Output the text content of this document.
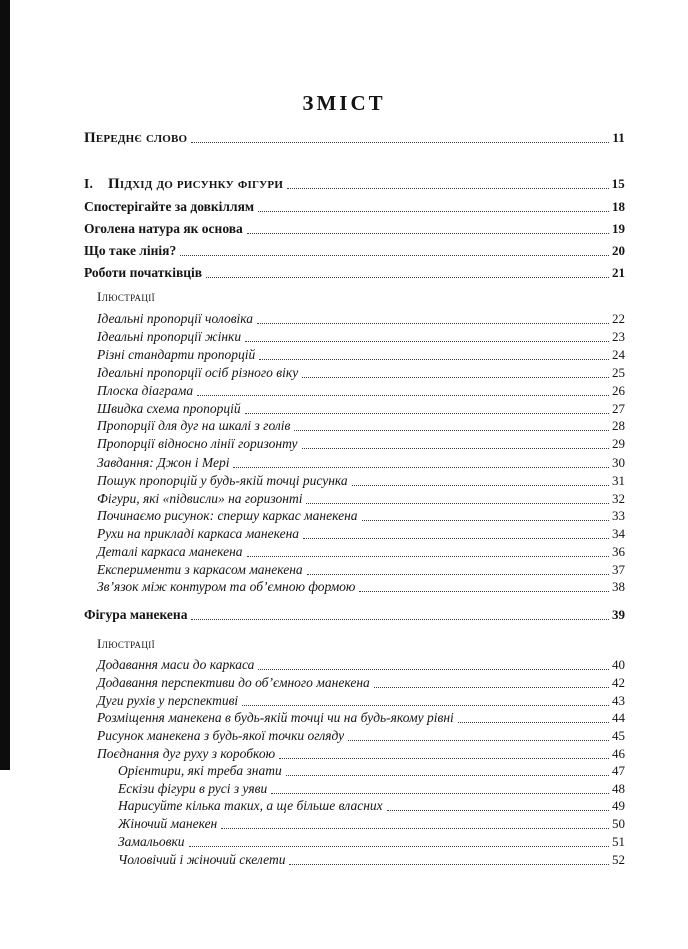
ЗМІСТ
Переднє слово	11
I. Підхід до рисунку фігури	15
Спостерігайте за довкіллям	18
Оголена натура як основа	19
Що таке лінія?	20
Роботи початківців	21
Ілюстрації
Ідеальні пропорції чоловіка	22
Ідеальні пропорції жінки	23
Різні стандарти пропорцій	24
Ідеальні пропорції осіб різного віку	25
Плоска діаграма	26
Швидка схема пропорцій	27
Пропорції для дуг на шкалі з голів	28
Пропорції відносно лінії горизонту	29
Завдання: Джон і Мері	30
Пошук пропорцій у будь-якій точці рисунка	31
Фігури, які «підвисли» на горизонті	32
Починаємо рисунок: спершу каркас манекена	33
Рухи на прикладі каркаса манекена	34
Деталі каркаса манекена	36
Експерименти з каркасом манекена	37
Зв’язок між контуром та об’ємною формою	38
Фігура манекена	39
Ілюстрації
Додавання маси до каркаса	40
Додавання перспективи до об’ємного манекена	42
Дуги рухів у перспективі	43
Розміщення манекена в будь-якій точці чи на будь-якому рівні	44
Рисунок манекена з будь-якої точки огляду	45
Поєднання дуг руху з коробкою	46
Орієнтири, які треба знати	47
Ескізи фігури в русі з уяви	48
Нарисуйте кілька таких, а ще більше власних	49
Жіночий манекен	50
Замальовки	51
Чоловічий і жіночий скелети	52
